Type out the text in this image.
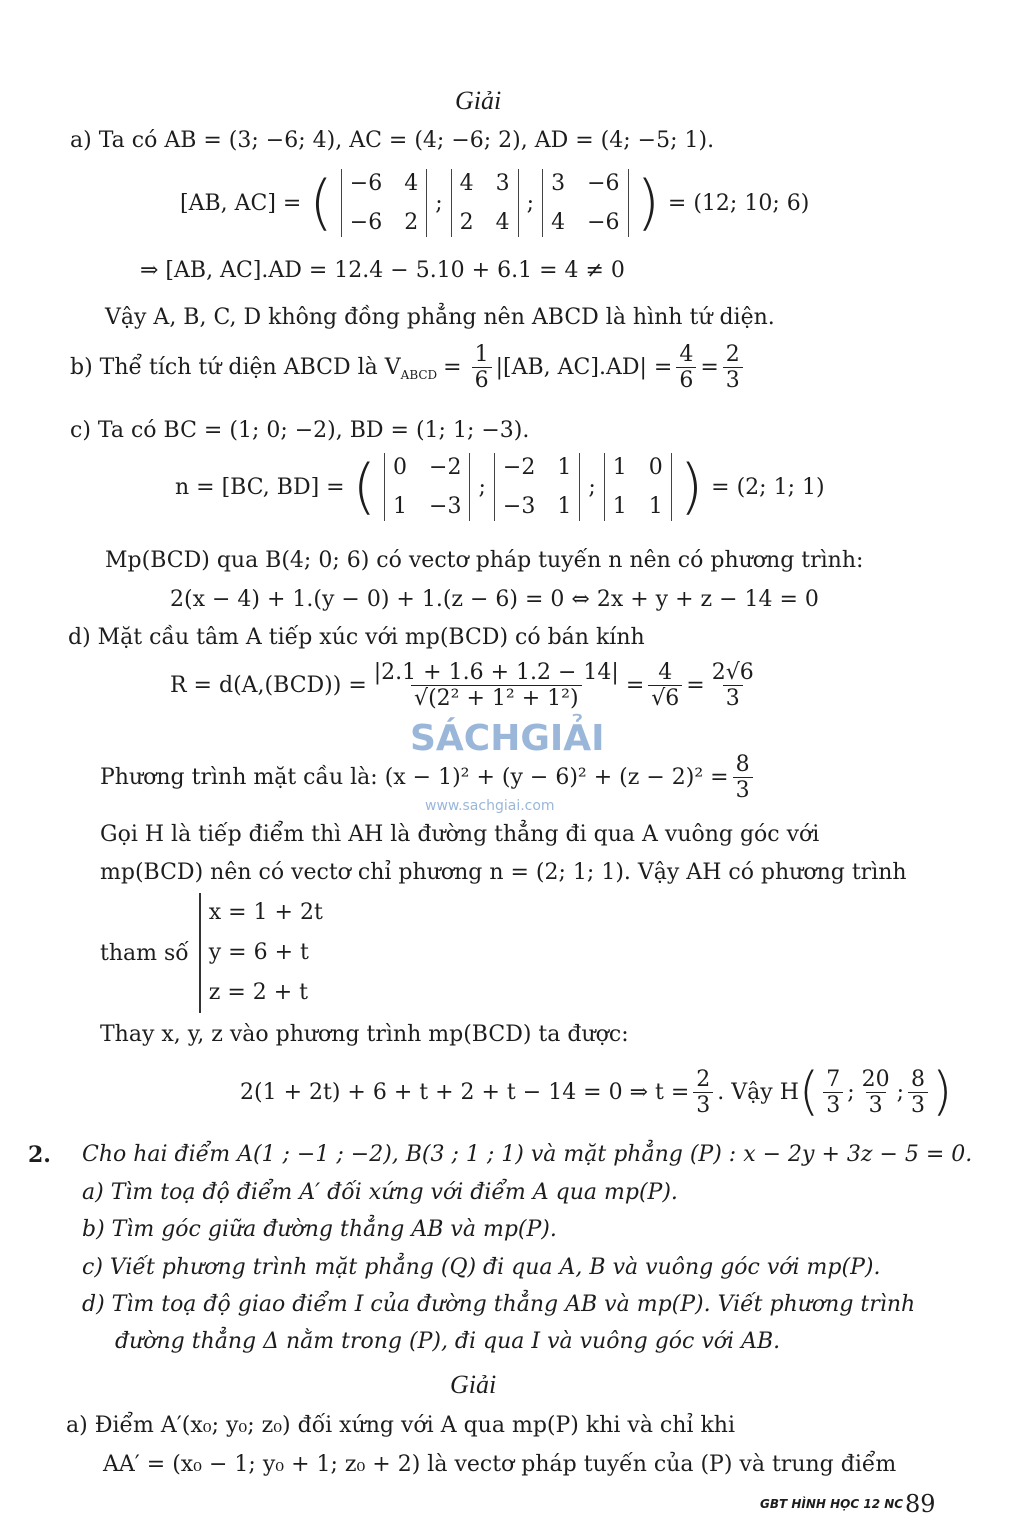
Giải
a) Ta có AB = (3; −6; 4), AC = (4; −6; 2), AD = (4; −5; 1).
[AB, AC] = ( −6 4
−6 2
;
4 3
2 4
;
3 −6
4 −6 ) = (12; 10; 6)
⇒ [AB, AC].AD = 12.4 − 5.10 + 6.1 = 4 ≠ 0
Vậy A, B, C, D không đồng phẳng nên ABCD là hình tứ diện.
b) Thể tích tứ diện ABCD là V ABCD = $\frac{1}{6} |[AB$, $AC].AD| = \frac{4}{6} = \frac{2}{3}$
c) Ta có BC = (1; 0; −2), BD = (1; 1; −3).
n = [BC, BD] = ( 0 −2
1 −3
;
−2 1
−3 1
;
1 0
1 1 ) = (2; 1; 1)
Mp(BCD) qua B(4; 0; 6) có vectơ pháp tuyến n nên có phương trình:
2(x − 4) + 1.(y − 0) + 1.(z − 6) = 0 ⇔ 2x + y + z − 14 = 0
d) Mặt cầu tâm A tiếp xúc với mp(BCD) có bán kính
$R = d(A,(BCD)) = \frac{|2.1 + 1.6 + 1.2 - 14|}{\text{√(2² + 1² + 1²)}} = \frac{4}{√6} = \frac{2√6}{3}$
SÁCHGIẢI
www.sachgiai.com
Phương trình mặt cầu là: $(x - 1)^2 + (y - 6)^2 + (z - 2)^2 = \frac{8}{3}$
Gọi H là tiếp điểm thì AH là đường thẳng đi qua A vuông góc với
mp(BCD) nên có vectơ chỉ phương n = (2; 1; 1). Vậy AH có phương trình
tham số
x = 1 + 2t
y = 6 + t
z = 2 + t
Thay x, y, z vào phương trình mp(BCD) ta được:
2(1 + 2t) + 6 + t + 2 + t − 14 = 0 ⇒ $t = \frac{2}{3}$ . Vậy H ( $\frac{7}{3}$ ; $\frac{20}{3}$ ; $\frac{8}{3}$ )
2. Cho hai điểm A(1 ; −1 ; −2), B(3 ; 1 ; 1) và mặt phẳng (P) : x − 2y + 3z − 5 = 0.
a) Tìm toạ độ điểm A′ đối xứng với điểm A qua mp(P).
b) Tìm góc giữa đường thẳng AB và mp(P).
c) Viết phương trình mặt phẳng (Q) đi qua A, B và vuông góc với mp(P).
d) Tìm toạ độ giao điểm I của đường thẳng AB và mp(P). Viết phương trình
đường thẳng Δ nằm trong (P), đi qua I và vuông góc với AB.
Giải
a) Điểm A′(x₀; y₀; z₀) đối xứng với A qua mp(P) khi và chỉ khi
AA′ = (x₀ − 1; y₀ + 1; z₀ + 2) là vectơ pháp tuyến của (P) và trung điểm
GBT HÌNH HỌC 12 NC 89
